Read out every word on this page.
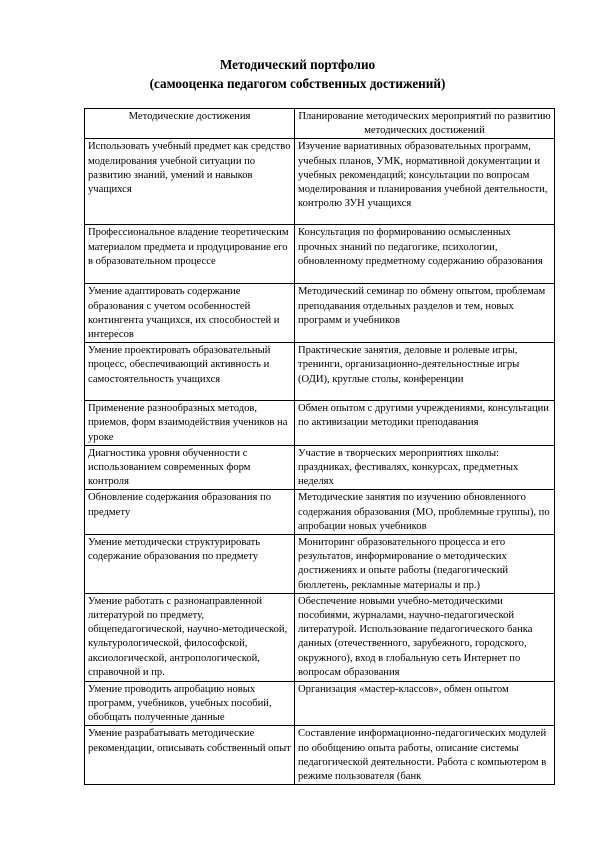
Методический портфолио
(самооценка педагогом собственных достижений)
Методические достижения	Планирование методических мероприятий по развитию методических достижений
Использовать учебный предмет как средство моделирования учебной ситуации по развитию знаний, умений и навыков учащихся	Изучение вариативных образовательных программ, учебных планов, УМК, нормативной документации и учебных рекомендаций; консультации по вопросам моделирования и планирования учебной деятельности, контролю ЗУН учащихся
Профессиональное владение теоретическим материалом предмета и продуцирование его в образовательном процессе	Консультация по формированию осмысленных прочных знаний по педагогике, психологии, обновленному предметному содержанию образования
Умение адаптировать содержание образования с учетом особенностей контингента учащихся, их способностей и интересов	Методический семинар по обмену опытом, проблемам преподавания отдельных разделов и тем, новых программ и учебников
Умение проектировать образовательный процесс, обеспечивающий активность и самостоятельность учащихся	Практические занятия, деловые и ролевые игры, тренинги, организационно-деятельностные игры (ОДИ), круглые столы, конференции
Применение разнообразных методов, приемов, форм взаимодействия учеников на уроке	Обмен опытом с другими учреждениями, консультации по активизации методики преподавания
Диагностика уровня обученности с использованием современных форм контроля	Участие в творческих мероприятиях школы: праздниках, фестивалях, конкурсах, предметных неделях
Обновление содержания образования по предмету	Методические занятия по изучению обновленного содержания образования (МО, проблемные группы), по апробации новых учебников
Умение методически структурировать содержание образования по предмету	Мониторинг образовательного процесса и его результатов, информирование о методических достижениях и опыте работы (педагогический бюллетень, рекламные материалы и пр.)
Умение работать с разнонаправленной литературой по предмету, общепедагогической, научно-методической, культурологической, философской, аксиологической, антропологической, справочной и пр.	Обеспечение новыми учебно-методическими пособиями, журналами, научно-педагогической литературой. Использование педагогического банка данных (отечественного, зарубежного, городского, окружного), вход в глобальную сеть Интернет по вопросам образования
Умение проводить апробацию новых программ, учебников, учебных пособий, обобщать полученные данные	Организация «мастер-классов», обмен опытом
Умение разрабатывать методические рекомендации, описывать собственный опыт	Составление информационно-педагогических модулей по обобщению опыта работы, описание системы педагогической деятельности. Работа с компьютером в режиме пользователя (банк
